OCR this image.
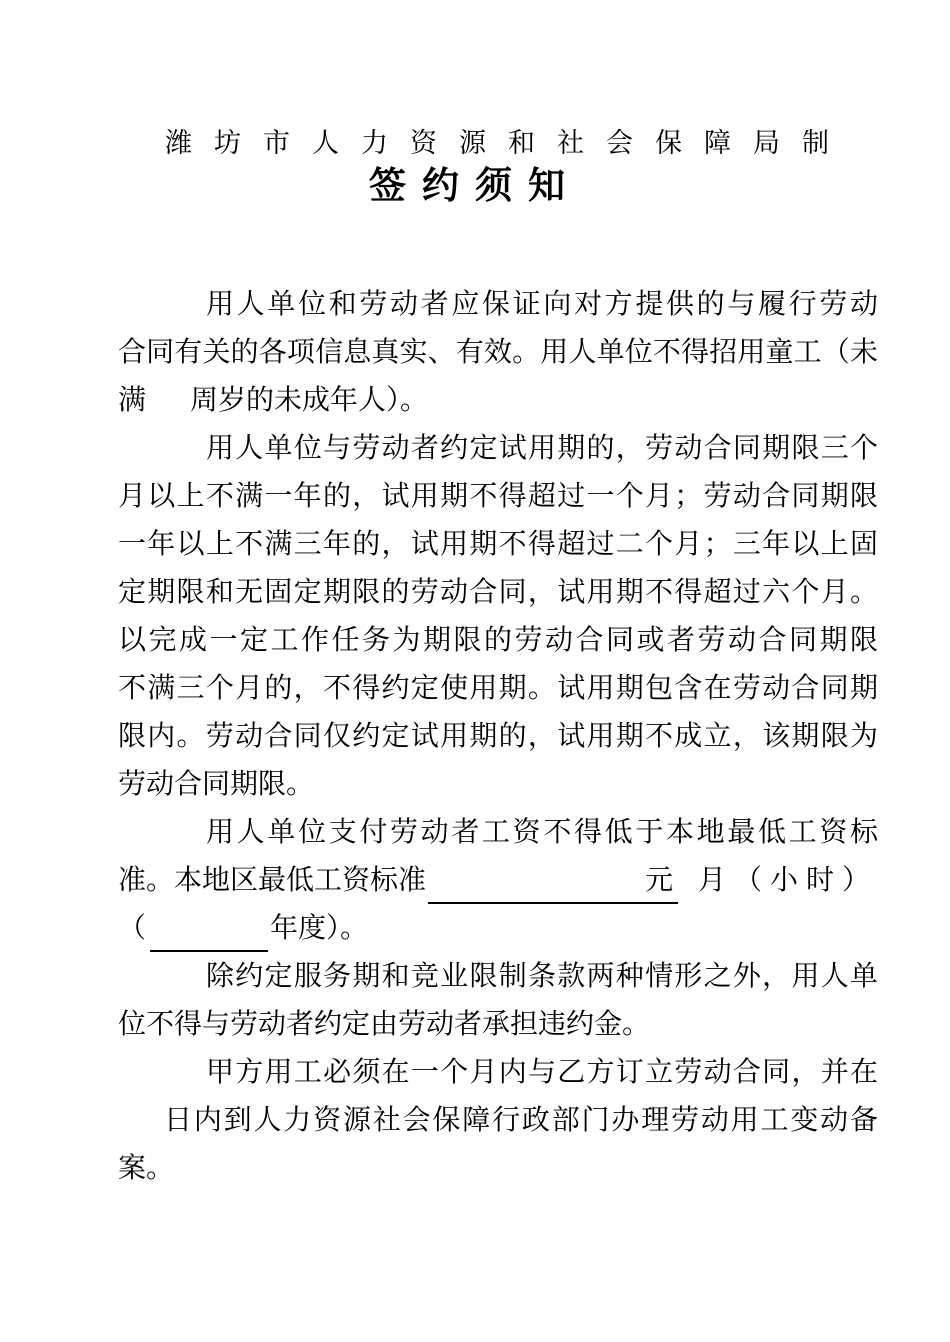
潍坊市人力资源和社会保障局制
签约须知
用人单位和劳动者应保证向对方提供的与履行劳动
合同有关的各项信息真实、有效。用人单位不得招用童工（未
满 周岁的未成年人）。
用人单位与劳动者约定试用期的，劳动合同期限三个
月以上不满一年的，试用期不得超过一个月；劳动合同期限
一年以上不满三年的，试用期不得超过二个月；三年以上固
定期限和无固定期限的劳动合同，试用期不得超过六个月。
以完成一定工作任务为期限的劳动合同或者劳动合同期限
不满三个月的，不得约定使用期。试用期包含在劳动合同期
限内。劳动合同仅约定试用期的，试用期不成立，该期限为
劳动合同期限。
用人单位支付劳动者工资不得低于本地最低工资标
准。本地区最低工资标准	元 月（小时）
（	年度）。
除约定服务期和竞业限制条款两种情形之外，用人单
位不得与劳动者约定由劳动者承担违约金。
甲方用工必须在一个月内与乙方订立劳动合同，并在
日内到人力资源社会保障行政部门办理劳动用工变动备
案。
